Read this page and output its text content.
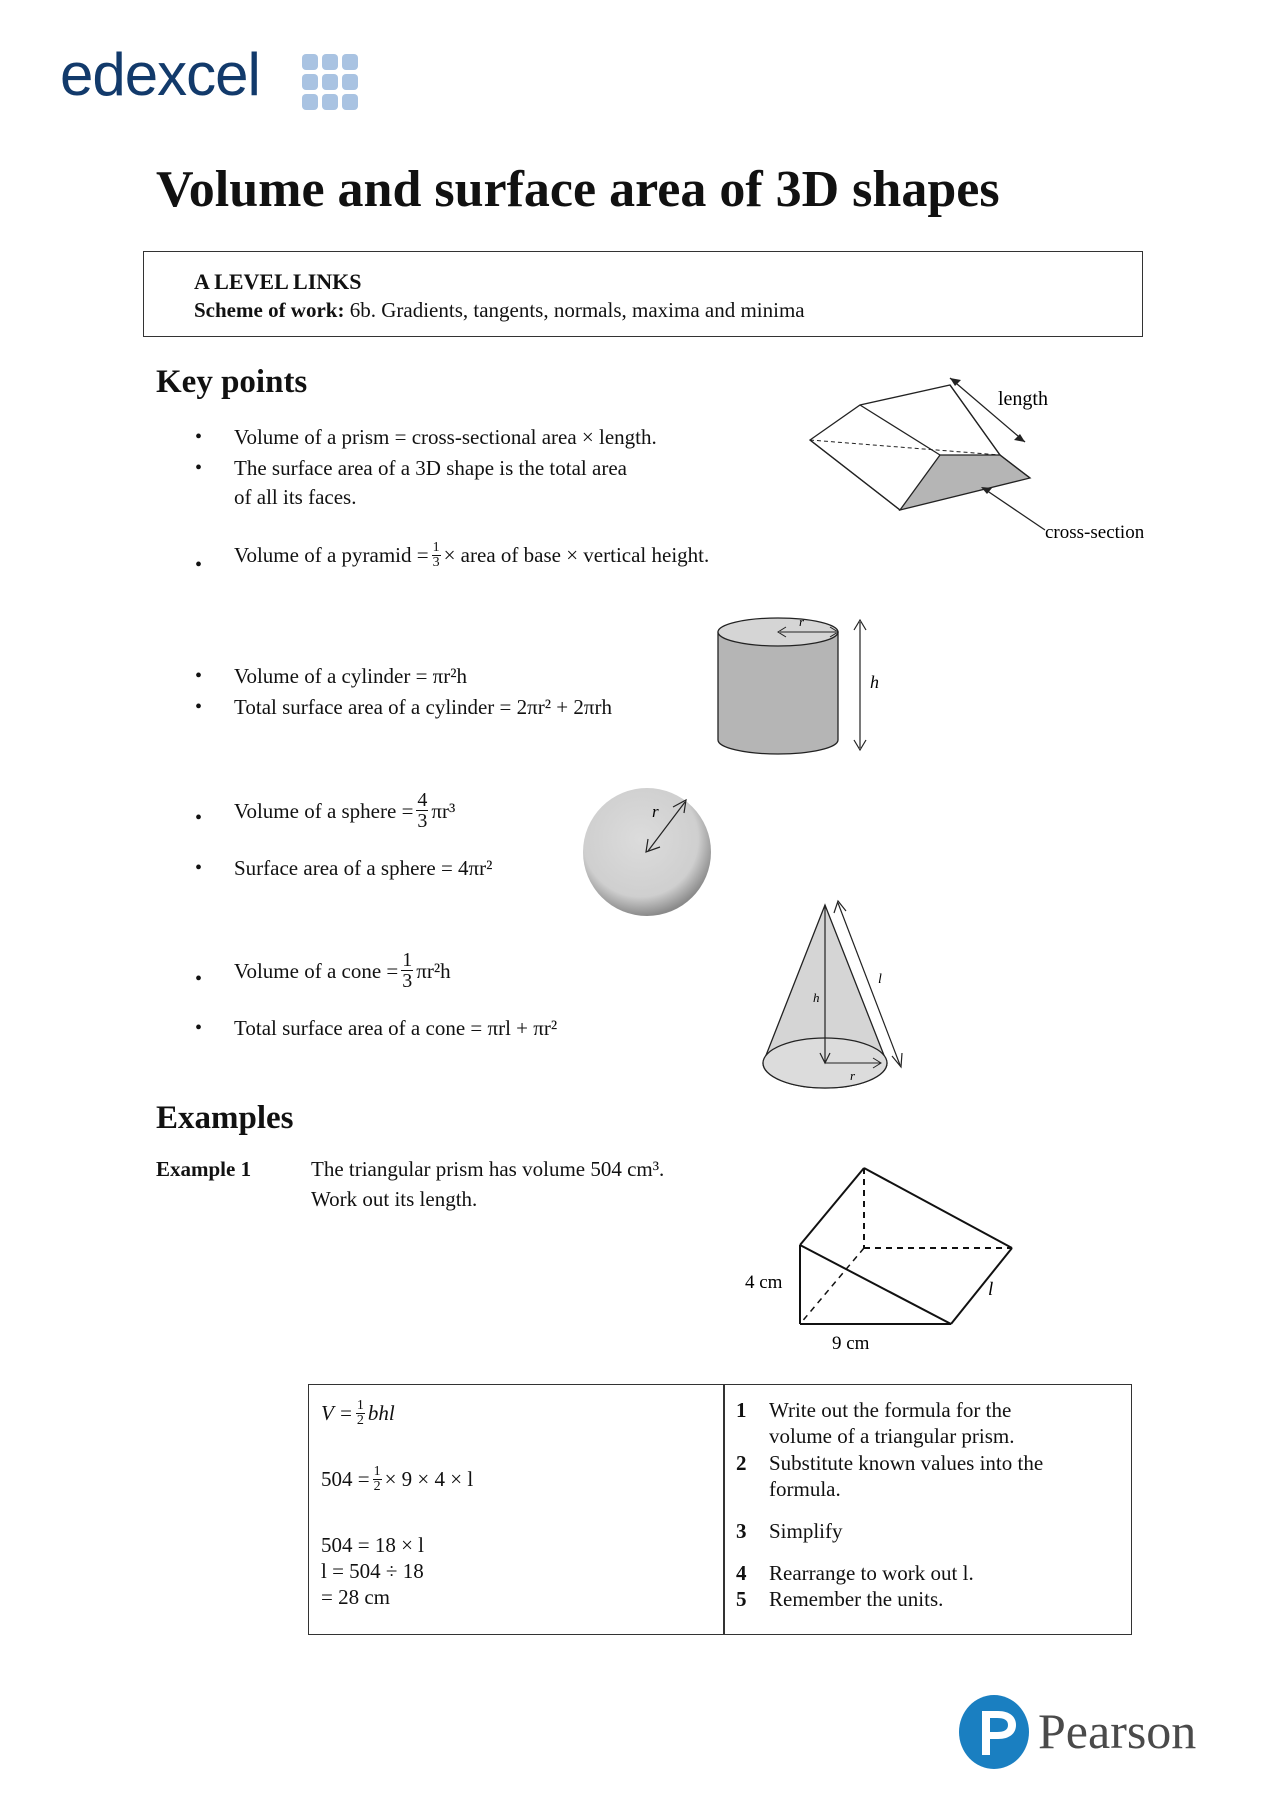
edexcel
Volume and surface area of 3D shapes
A LEVEL LINKS
Scheme of work: 6b. Gradients, tangents, normals, maxima and minima
Key points
• Volume of a prism = cross-sectional area × length.
• The surface area of a 3D shape is the total area
of all its faces.
• Volume of a pyramid = $\frac{1}{3}$ × area of base × vertical height.
• Volume of a cylinder = πr²h
• Total surface area of a cylinder = 2πr² + 2πrh
• Volume of a sphere = $\frac{4}{3} \pi r^3$
• Surface area of a sphere = 4πr²
• Volume of a cone = $\frac{1}{3} \pi r^2h$
• Total surface area of a cone = πrl + πr²
length
cross-section
r
h
r
h
l
r
Examples
Example 1	The triangular prism has volume 504 cm³.
Work out its length.
4 cm
9 cm
l
$V = \frac{1}{2}$ bhl
$504 = \frac{1}{2} \times 9 \times 4 \times l$
504 = 18 × l
l = 504 ÷ 18
= 28 cm
1 Write out the formula for the
volume of a triangular prism.
2 Substitute known values into the
formula.
3 Simplify
4 Rearrange to work out l.
5 Remember the units.
Pearson
